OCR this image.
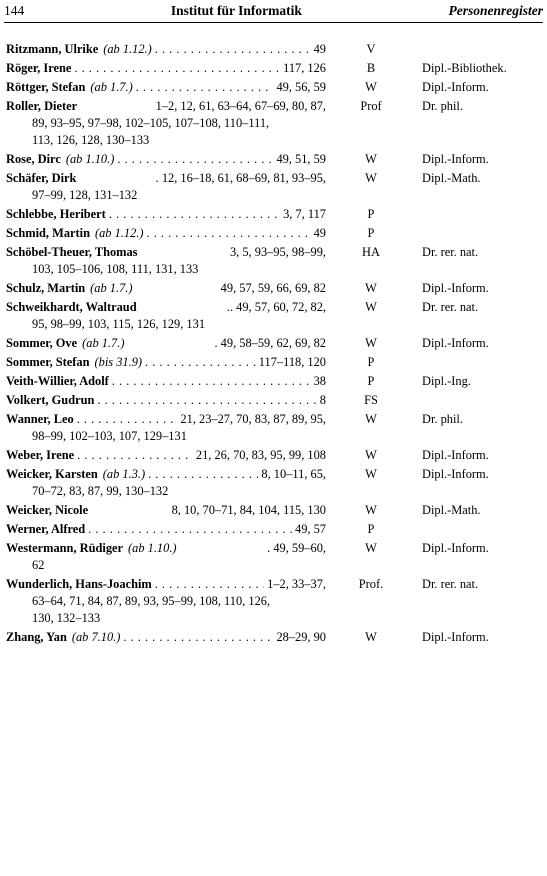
144	Institut für Informatik	Personenregister
Ritzmann, Ulrike (ab 1.12.) . . .	49	V
Röger, Irene . . .	117, 126	B	Dipl.-Bibliothek.
Röttger, Stefan (ab 1.7.) . . .	49, 56, 59	W	Dipl.-Inform.
Roller, Dieter	1–2, 12, 61, 63–64, 67–69, 80, 87,
89, 93–95, 97–98, 102–105, 107–108, 110–111,
113, 126, 128, 130–133
Prof	Dr. phil.
Rose, Dirc (ab 1.10.) . . .	49, 51, 59	W	Dipl.-Inform.
Schäfer, Dirk	. 12, 16–18, 61, 68–69, 81, 93–95,
97–99, 128, 131–132
W	Dipl.-Math.
Schlebbe, Heribert . . .	3, 7, 117	P
Schmid, Martin (ab 1.12.) . . .	49	P
Schöbel-Theuer, Thomas	3, 5, 93–95, 98–99,
103, 105–106, 108, 111, 131, 133
HA	Dr. rer. nat.
Schulz, Martin (ab 1.7.)	49, 57, 59, 66, 69, 82	W	Dipl.-Inform.
Schweikhardt, Waltraud	.. 49, 57, 60, 72, 82,
95, 98–99, 103, 115, 126, 129, 131
W	Dr. rer. nat.
Sommer, Ove (ab 1.7.)	. 49, 58–59, 62, 69, 82	W	Dipl.-Inform.
Sommer, Stefan (bis 31.9) . . .	117–118, 120	P
Veith-Willier, Adolf . . .	38	P	Dipl.-Ing.
Volkert, Gudrun . . .	8	FS
Wanner, Leo . . .	21, 23–27, 70, 83, 87, 89, 95,
98–99, 102–103, 107, 129–131
W	Dr. phil.
Weber, Irene . . .	21, 26, 70, 83, 95, 99, 108	W	Dipl.-Inform.
Weicker, Karsten (ab 1.3.) . . .	8, 10–11, 65,
70–72, 83, 87, 99, 130–132
W	Dipl.-Inform.
Weicker, Nicole	8, 10, 70–71, 84, 104, 115, 130	W	Dipl.-Math.
Werner, Alfred . . .	49, 57	P
Westermann, Rüdiger (ab 1.10.)	. 49, 59–60,
62
W	Dipl.-Inform.
Wunderlich, Hans-Joachim . . .	1–2, 33–37,
63–64, 71, 84, 87, 89, 93, 95–99, 108, 110, 126,
130, 132–133
Prof.	Dr. rer. nat.
Zhang, Yan (ab 7.10.) . . .	28–29, 90	W	Dipl.-Inform.
